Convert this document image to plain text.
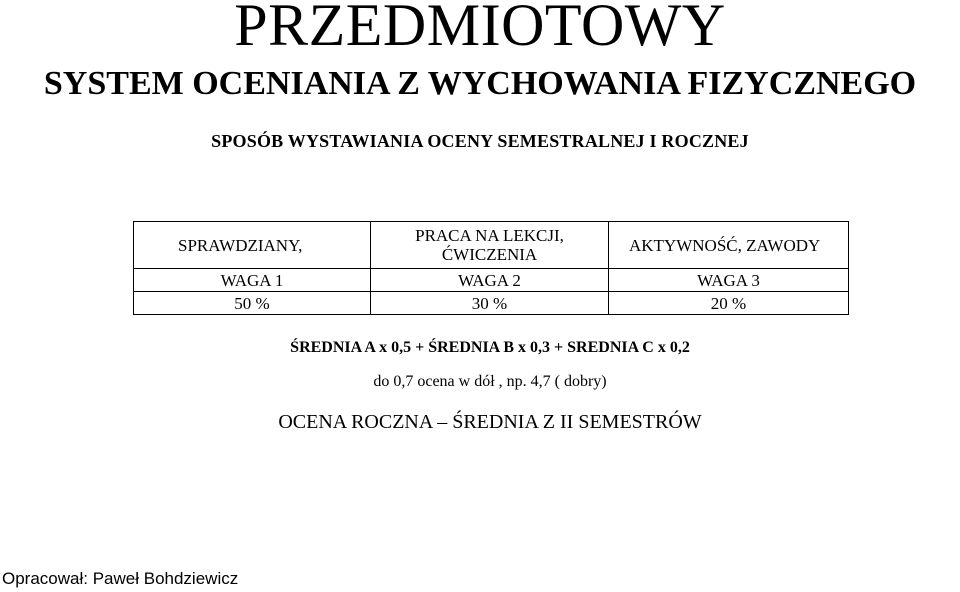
PRZEDMIOTOWY
SYSTEM OCENIANIA Z WYCHOWANIA FIZYCZNEGO
SPOSÓB WYSTAWIANIA OCENY SEMESTRALNEJ I ROCZNEJ
SPRAWDZIANY,	PRACA NA LEKCJI, ĆWICZENIA	AKTYWNOŚĆ, ZAWODY
WAGA 1	WAGA 2	WAGA 3
50 %	30 %	20 %
ŚREDNIA A x 0,5 + ŚREDNIA B x 0,3 + SREDNIA C x 0,2
do 0,7 ocena w dół , np. 4,7 ( dobry)
OCENA ROCZNA – ŚREDNIA Z II SEMESTRÓW
Opracował: Paweł Bohdziewicz
